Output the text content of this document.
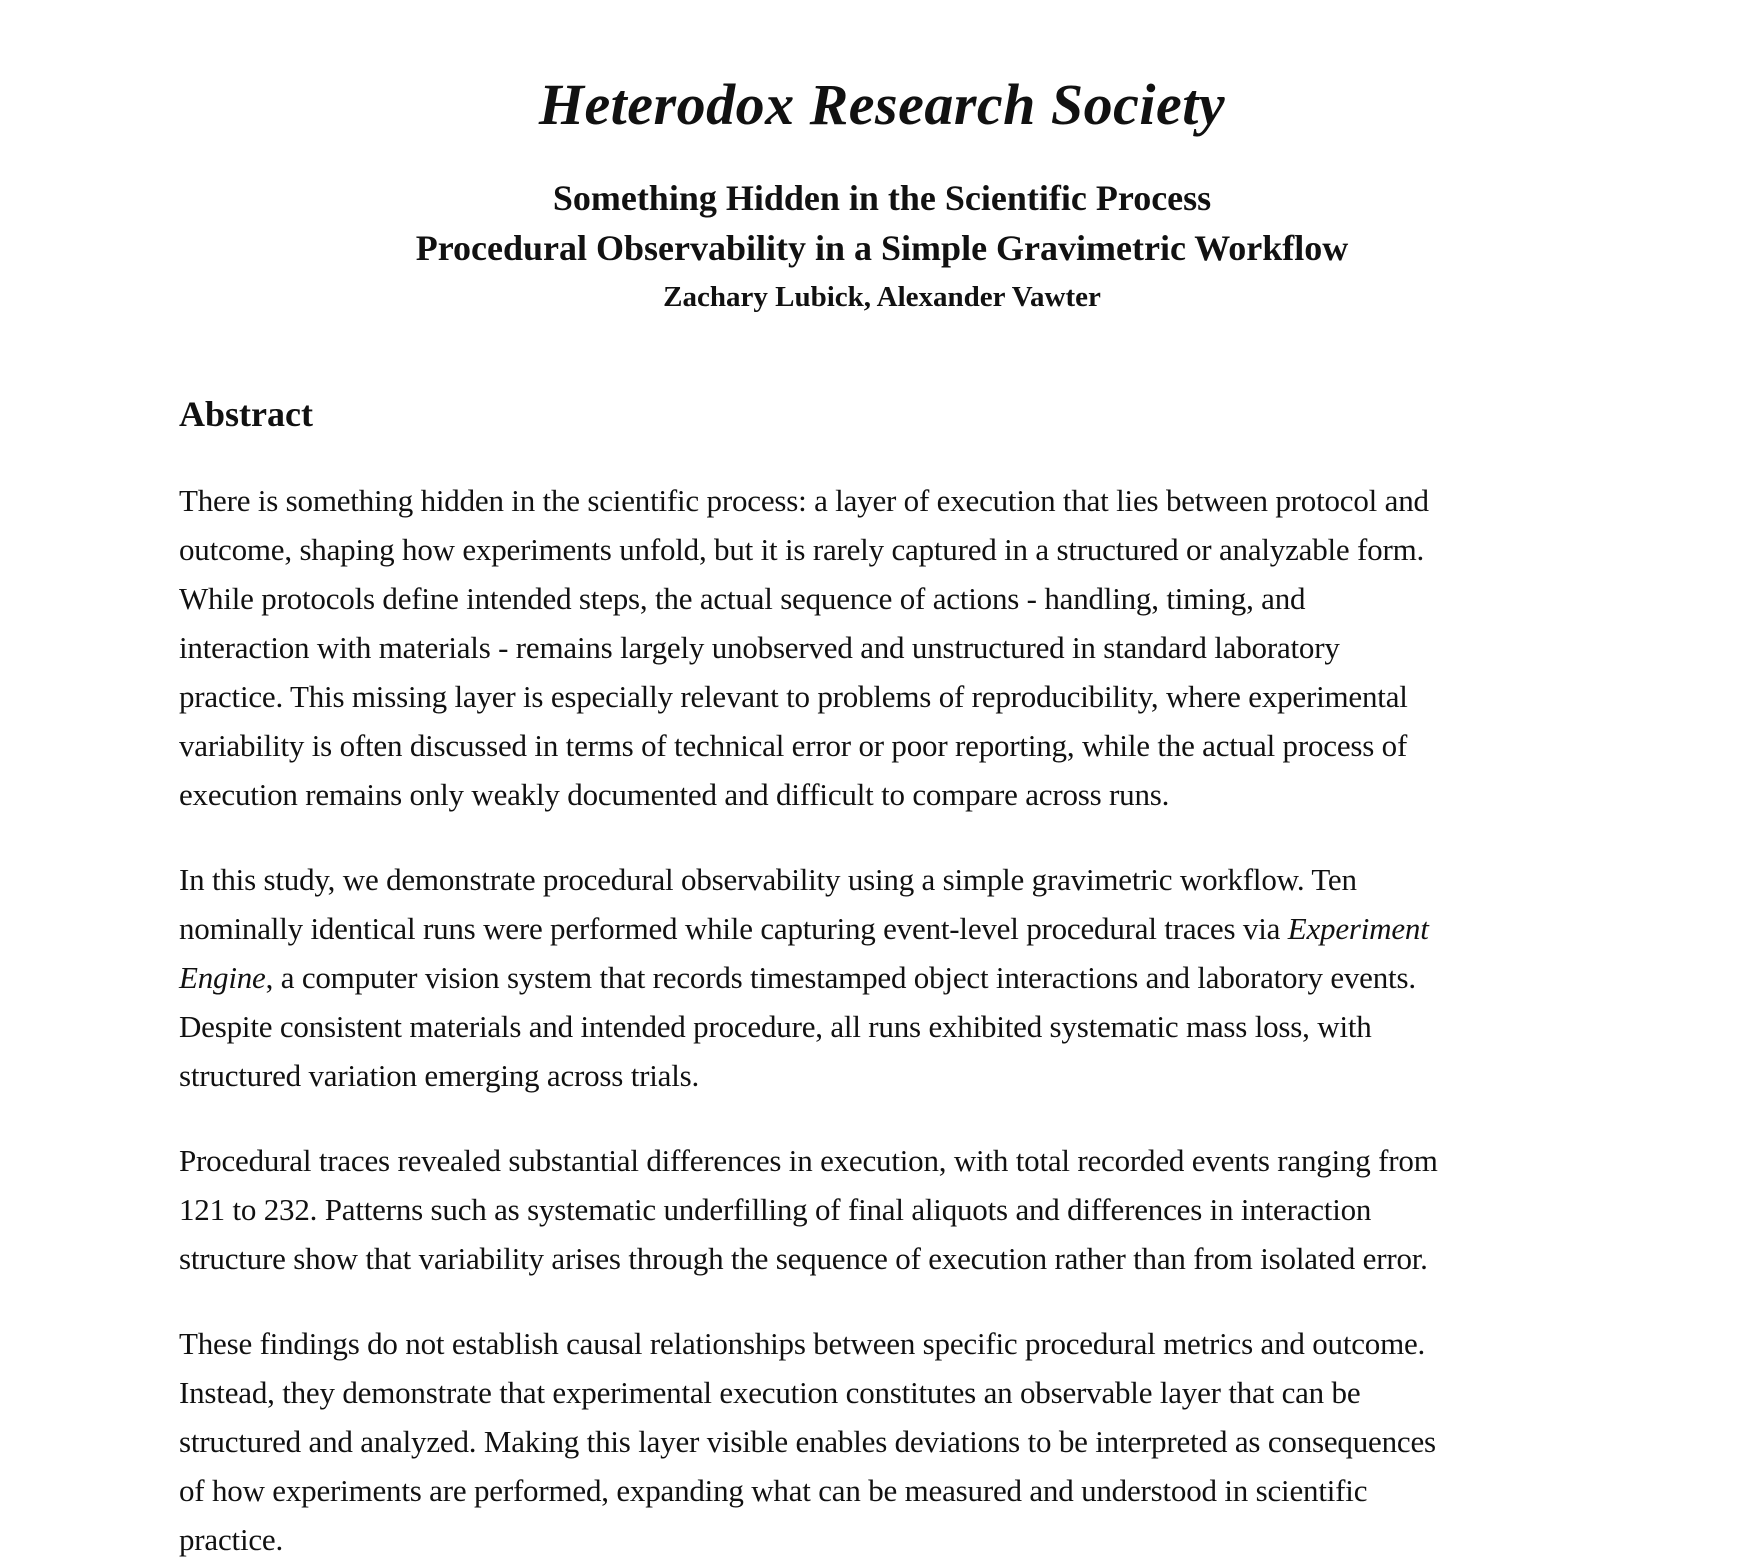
Heterodox Research Society
Something Hidden in the Scientific Process
Procedural Observability in a Simple Gravimetric Workflow
Zachary Lubick, Alexander Vawter
Abstract

There is something hidden in the scientific process: a layer of execution that lies between protocol and
outcome, shaping how experiments unfold, but it is rarely captured in a structured or analyzable form.
While protocols define intended steps, the actual sequence of actions - handling, timing, and
interaction with materials - remains largely unobserved and unstructured in standard laboratory
practice. This missing layer is especially relevant to problems of reproducibility, where experimental
variability is often discussed in terms of technical error or poor reporting, while the actual process of
execution remains only weakly documented and difficult to compare across runs.

In this study, we demonstrate procedural observability using a simple gravimetric workflow. Ten
nominally identical runs were performed while capturing event-level procedural traces via Experiment
Engine, a computer vision system that records timestamped object interactions and laboratory events.
Despite consistent materials and intended procedure, all runs exhibited systematic mass loss, with
structured variation emerging across trials.

Procedural traces revealed substantial differences in execution, with total recorded events ranging from
121 to 232. Patterns such as systematic underfilling of final aliquots and differences in interaction
structure show that variability arises through the sequence of execution rather than from isolated error.

These findings do not establish causal relationships between specific procedural metrics and outcome.
Instead, they demonstrate that experimental execution constitutes an observable layer that can be
structured and analyzed. Making this layer visible enables deviations to be interpreted as consequences
of how experiments are performed, expanding what can be measured and understood in scientific
practice.
